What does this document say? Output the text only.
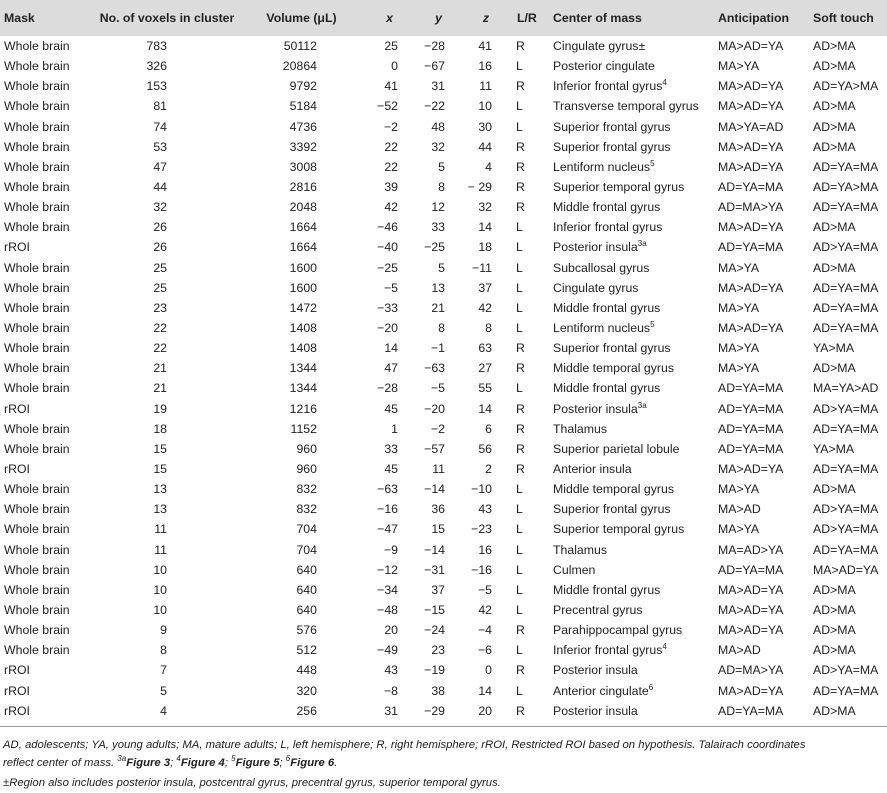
Mask	No. of voxels in cluster	Volume (μL)	x	y	z	L/R	Center of mass	Anticipation	Soft touch
Whole brain	783	50112	25	−28	41	R	Cingulate gyrus±	MA>AD=YA	AD>MA
Whole brain	326	20864	0	−67	16	L	Posterior cingulate	MA>YA	AD>MA
Whole brain	153	9792	41	31	11	R	Inferior frontal gyrus$^4$	MA>AD=YA	AD=YA>MA
Whole brain	81	5184	−52	−22	10	L	Transverse temporal gyrus	MA>AD=YA	AD>MA
Whole brain	74	4736	−2	48	30	L	Superior frontal gyrus	MA>YA=AD	AD>MA
Whole brain	53	3392	22	32	44	R	Superior frontal gyrus	MA>AD=YA	AD>MA
Whole brain	47	3008	22	5	4	R	Lentiform nucleus$^5$	MA>AD=YA	AD=YA=MA
Whole brain	44	2816	39	8	− 29	R	Superior temporal gyrus	AD=YA=MA	AD=YA>MA
Whole brain	32	2048	42	12	32	R	Middle frontal gyrus	AD=MA>YA	AD=YA=MA
Whole brain	26	1664	−46	33	14	L	Inferior frontal gyrus	MA>AD=YA	AD>MA
rROI	26	1664	−40	−25	18	L	Posterior insula$^{3a}$	AD=YA=MA	AD>YA=MA
Whole brain	25	1600	−25	5	−11	L	Subcallosal gyrus	MA>YA	AD>MA
Whole brain	25	1600	−5	13	37	L	Cingulate gyrus	MA>AD=YA	AD=YA=MA
Whole brain	23	1472	−33	21	42	L	Middle frontal gyrus	MA>YA	AD=YA=MA
Whole brain	22	1408	−20	8	8	L	Lentiform nucleus$^5$	MA>AD=YA	AD=YA=MA
Whole brain	22	1408	14	−1	63	R	Superior frontal gyrus	MA>YA	YA>MA
Whole brain	21	1344	47	−63	27	R	Middle temporal gyrus	MA>YA	AD>MA
Whole brain	21	1344	−28	−5	55	L	Middle frontal gyrus	AD=YA=MA	MA=YA>AD
rROI	19	1216	45	−20	14	R	Posterior insula$^{3a}$	AD=YA=MA	AD>YA=MA
Whole brain	18	1152	1	−2	6	R	Thalamus	AD=YA=MA	AD=YA=MA
Whole brain	15	960	33	−57	56	R	Superior parietal lobule	AD=YA=MA	YA>MA
rROI	15	960	45	11	2	R	Anterior insula	MA>AD=YA	AD=YA=MA
Whole brain	13	832	−63	−14	−10	L	Middle temporal gyrus	MA>YA	AD>MA
Whole brain	13	832	−16	36	43	L	Superior frontal gyrus	MA>AD	AD>YA=MA
Whole brain	11	704	−47	15	−23	L	Superior temporal gyrus	MA>YA	AD>YA=MA
Whole brain	11	704	−9	−14	16	L	Thalamus	MA=AD>YA	AD=YA=MA
Whole brain	10	640	−12	−31	−16	L	Culmen	AD=YA=MA	MA>AD=YA
Whole brain	10	640	−34	37	−5	L	Middle frontal gyrus	MA>AD=YA	AD>MA
Whole brain	10	640	−48	−15	42	L	Precentral gyrus	MA>AD=YA	AD>MA
Whole brain	9	576	20	−24	−4	R	Parahippocampal gyrus	MA>AD=YA	AD>MA
Whole brain	8	512	−49	23	−6	L	Inferior frontal gyrus$^4$	MA>AD	AD>MA
rROI	7	448	43	−19	0	R	Posterior insula	AD=MA>YA	AD>YA=MA
rROI	5	320	−8	38	14	L	Anterior cingulate$^6$	MA>AD=YA	AD=YA=MA
rROI	4	256	31	−29	20	R	Posterior insula	AD=YA=MA	AD>MA
AD, adolescents; YA, young adults; MA, mature adults; L, left hemisphere; R, right hemisphere; rROI, Restricted ROI based on hypothesis. Talairach coordinates
reflect center of mass. $^{3a}$Figure 3; $^4$Figure 4; $^5$Figure 5; $^6$Figure 6.
±Region also includes posterior insula, postcentral gyrus, precentral gyrus, superior temporal gyrus.
